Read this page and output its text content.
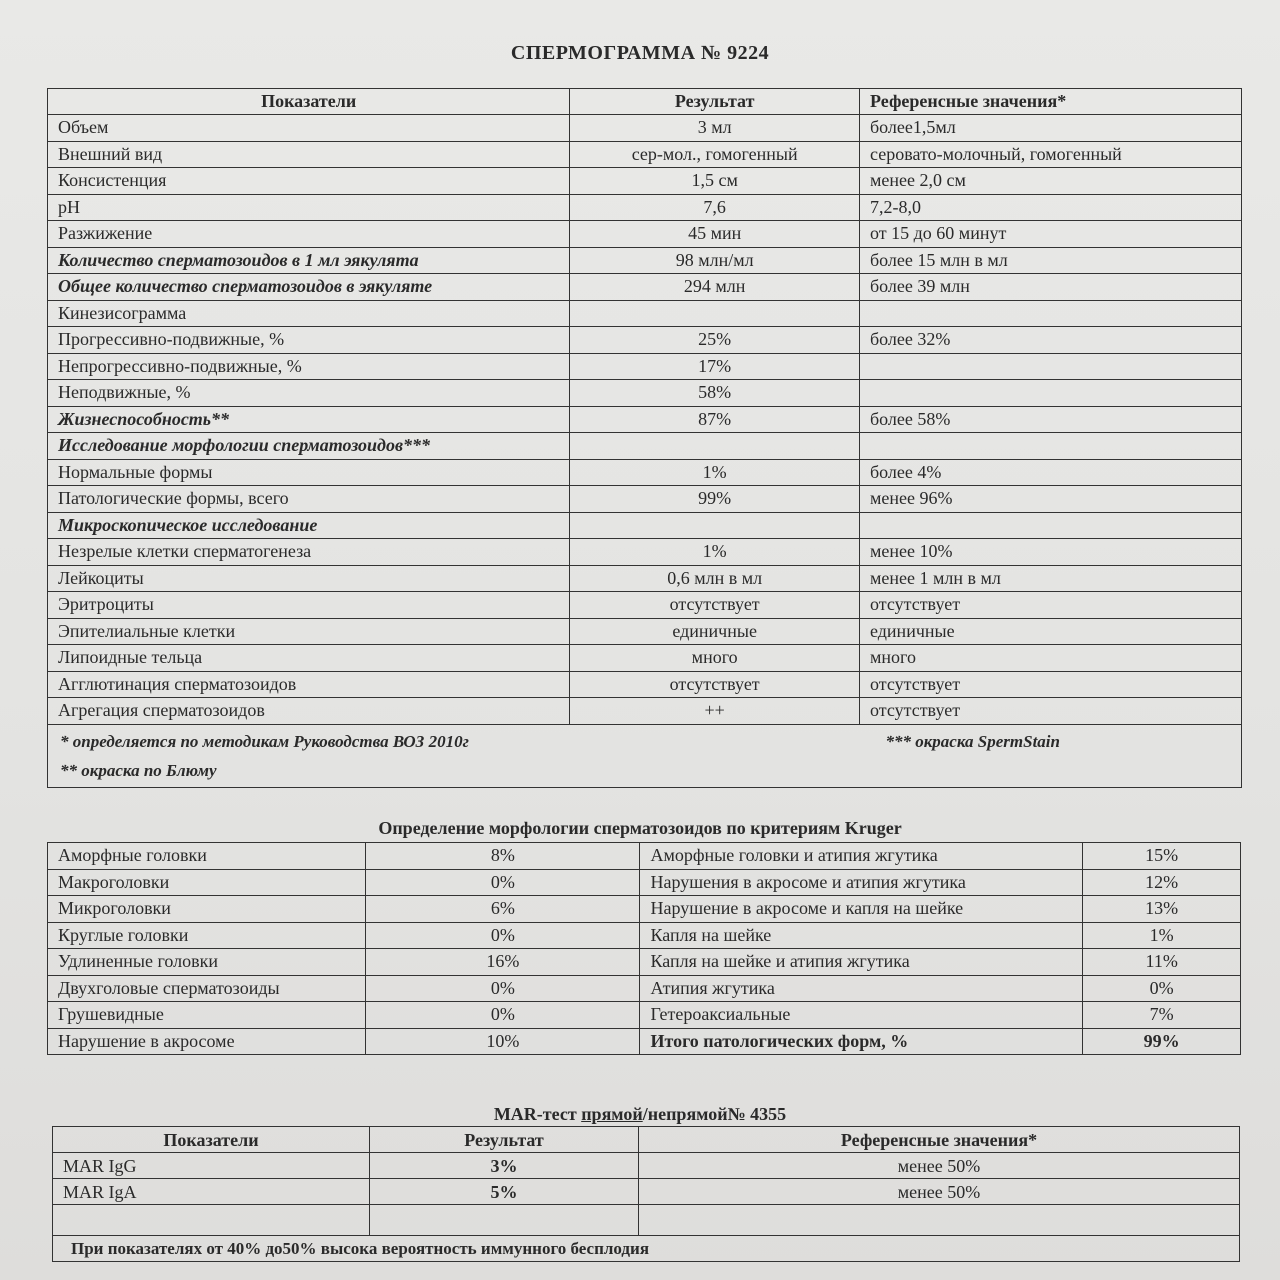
СПЕРМОГРАММА № 9224
Показатели	Результат	Референсные значения*
Объем	3 мл	более1,5мл
Внешний вид	сер-мол., гомогенный	серовато-молочный, гомогенный
Консистенция	1,5 см	менее 2,0 см
pH	7,6	7,2-8,0
Разжижение	45 мин	от 15 до 60 минут
Количество сперматозоидов в 1 мл эякулята	98 млн/мл	более 15 млн в мл
Общее количество сперматозоидов в эякуляте	294 млн	более 39 млн
Кинезисограмма		
Прогрессивно-подвижные, %	25%	более 32%
Непрогрессивно-подвижные, %	17%	
Неподвижные, %	58%	
Жизнеспособность**	87%	более 58%
Исследование морфологии сперматозоидов***		
Нормальные формы	1%	более 4%
Патологические формы, всего	99%	менее 96%
Микроскопическое исследование		
Незрелые клетки сперматогенеза	1%	менее 10%
Лейкоциты	0,6 млн в мл	менее 1 млн в мл
Эритроциты	отсутствует	отсутствует
Эпителиальные клетки	единичные	единичные
Липоидные тельца	много	много
Агглютинация сперматозоидов	отсутствует	отсутствует
Агрегация сперматозоидов	++	отсутствует

* определяется по методикам Руководства ВОЗ 2010г *** окраска SpermStain
** окраска по Блюму		
Определение морфологии сперматозоидов по критериям Kruger
Аморфные головки	8%	Аморфные головки и атипия жгутика	15%
Макроголовки	0%	Нарушения в акросоме и атипия жгутика	12%
Микроголовки	6%	Нарушение в акросоме и капля на шейке	13%
Круглые головки	0%	Капля на шейке	1%
Удлиненные головки	16%	Капля на шейке и атипия жгутика	11%
Двухголовые сперматозоиды	0%	Атипия жгутика	0%
Грушевидные	0%	Гетероаксиальные	7%
Нарушение в акросоме	10%	Итого патологических форм, %	99%
MAR-тест прямой/непрямой№ 4355
Показатели	Результат	Референсные значения*
MAR IgG	3%	менее 50%
MAR IgA	5%	менее 50%

При показателях от 40% до50% высока вероятность иммунного бесплодия		
